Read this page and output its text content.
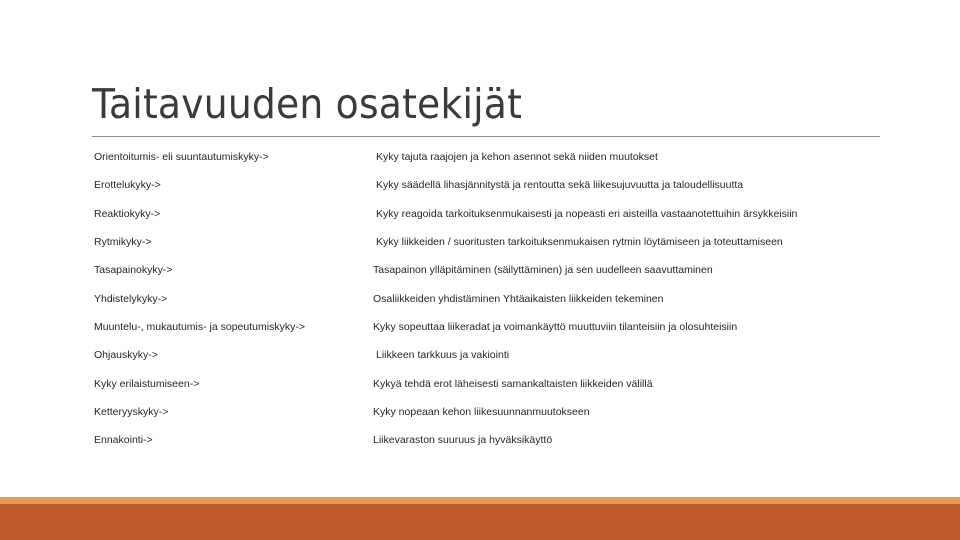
Taitavuuden osatekijät
Orientoitumis- eli suuntautumiskyky->	Kyky tajuta raajojen ja kehon asennot sekä niiden muutokset
Erottelukyky->	Kyky säädellä lihasjännitystä ja rentoutta sekä liikesujuvuutta ja taloudellisuutta
Reaktiokyky->	Kyky reagoida tarkoituksenmukaisesti ja nopeasti eri aisteilla vastaanotettuihin ärsykkeisiin
Rytmikyky->	Kyky liikkeiden / suoritusten tarkoituksenmukaisen rytmin löytämiseen ja toteuttamiseen
Tasapainokyky->	Tasapainon ylläpitäminen (säilyttäminen) ja sen uudelleen saavuttaminen
Yhdistelykyky->	Osaliikkeiden yhdistäminen Yhtäaikaisten liikkeiden tekeminen
Muuntelu-, mukautumis- ja sopeutumiskyky->	Kyky sopeuttaa liikeradat ja voimankäyttö muuttuviin tilanteisiin ja olosuhteisiin
Ohjauskyky->	Liikkeen tarkkuus ja vakiointi
Kyky erilaistumiseen->	Kykyä tehdä erot läheisesti samankaltaisten liikkeiden välillä
Ketteryyskyky->	Kyky nopeaan kehon liikesuunnanmuutokseen
Ennakointi->	Liikevaraston suuruus ja hyväksikäyttö
